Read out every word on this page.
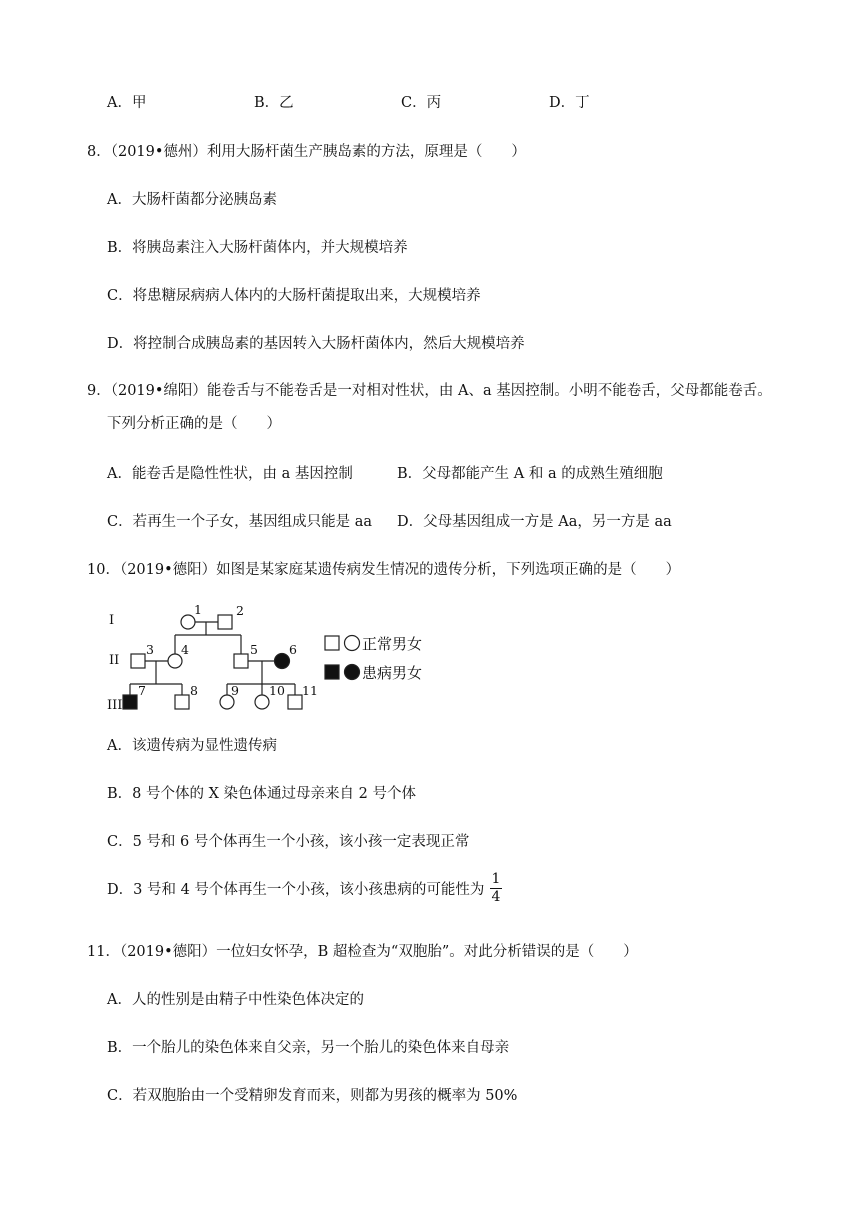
A．甲	B．乙	C．丙	D．丁
8．（2019•德州）利用大肠杆菌生产胰岛素的方法，原理是（　　）
A．大肠杆菌都分泌胰岛素
B．将胰岛素注入大肠杆菌体内，并大规模培养
C．将患糖尿病病人体内的大肠杆菌提取出来，大规模培养
D．将控制合成胰岛素的基因转入大肠杆菌体内，然后大规模培养
9．（2019•绵阳）能卷舌与不能卷舌是一对相对性状，由 A、a 基因控制。小明不能卷舌，父母都能卷舌。
下列分析正确的是（　　）
A．能卷舌是隐性性状，由 a 基因控制	B．父母都能产生 A 和 a 的成熟生殖细胞
C．若再生一个子女，基因组成只能是 aa D．父母基因组成一方是 Aa，另一方是 aa
10．（2019•德阳）如图是某家庭某遗传病发生情况的遗传分析，下列选项正确的是（　　）
I
II
III
1	2
3 4	5 6
7	8	9 10 11
正常男女
患病男女
A．该遗传病为显性遗传病
B．8 号个体的 X 染色体通过母亲来自 2 号个体
C．5 号和 6 号个体再生一个小孩，该小孩一定表现正常
D．3 号和 4 号个体再生一个小孩，该小孩患病的可能性为
1
4
11．（2019•德阳）一位妇女怀孕，B 超检查为“双胞胎”。对此分析错误的是（　　）
A．人的性别是由精子中性染色体决定的
B．一个胎儿的染色体来自父亲，另一个胎儿的染色体来自母亲
C．若双胞胎由一个受精卵发育而来，则都为男孩的概率为 50%
